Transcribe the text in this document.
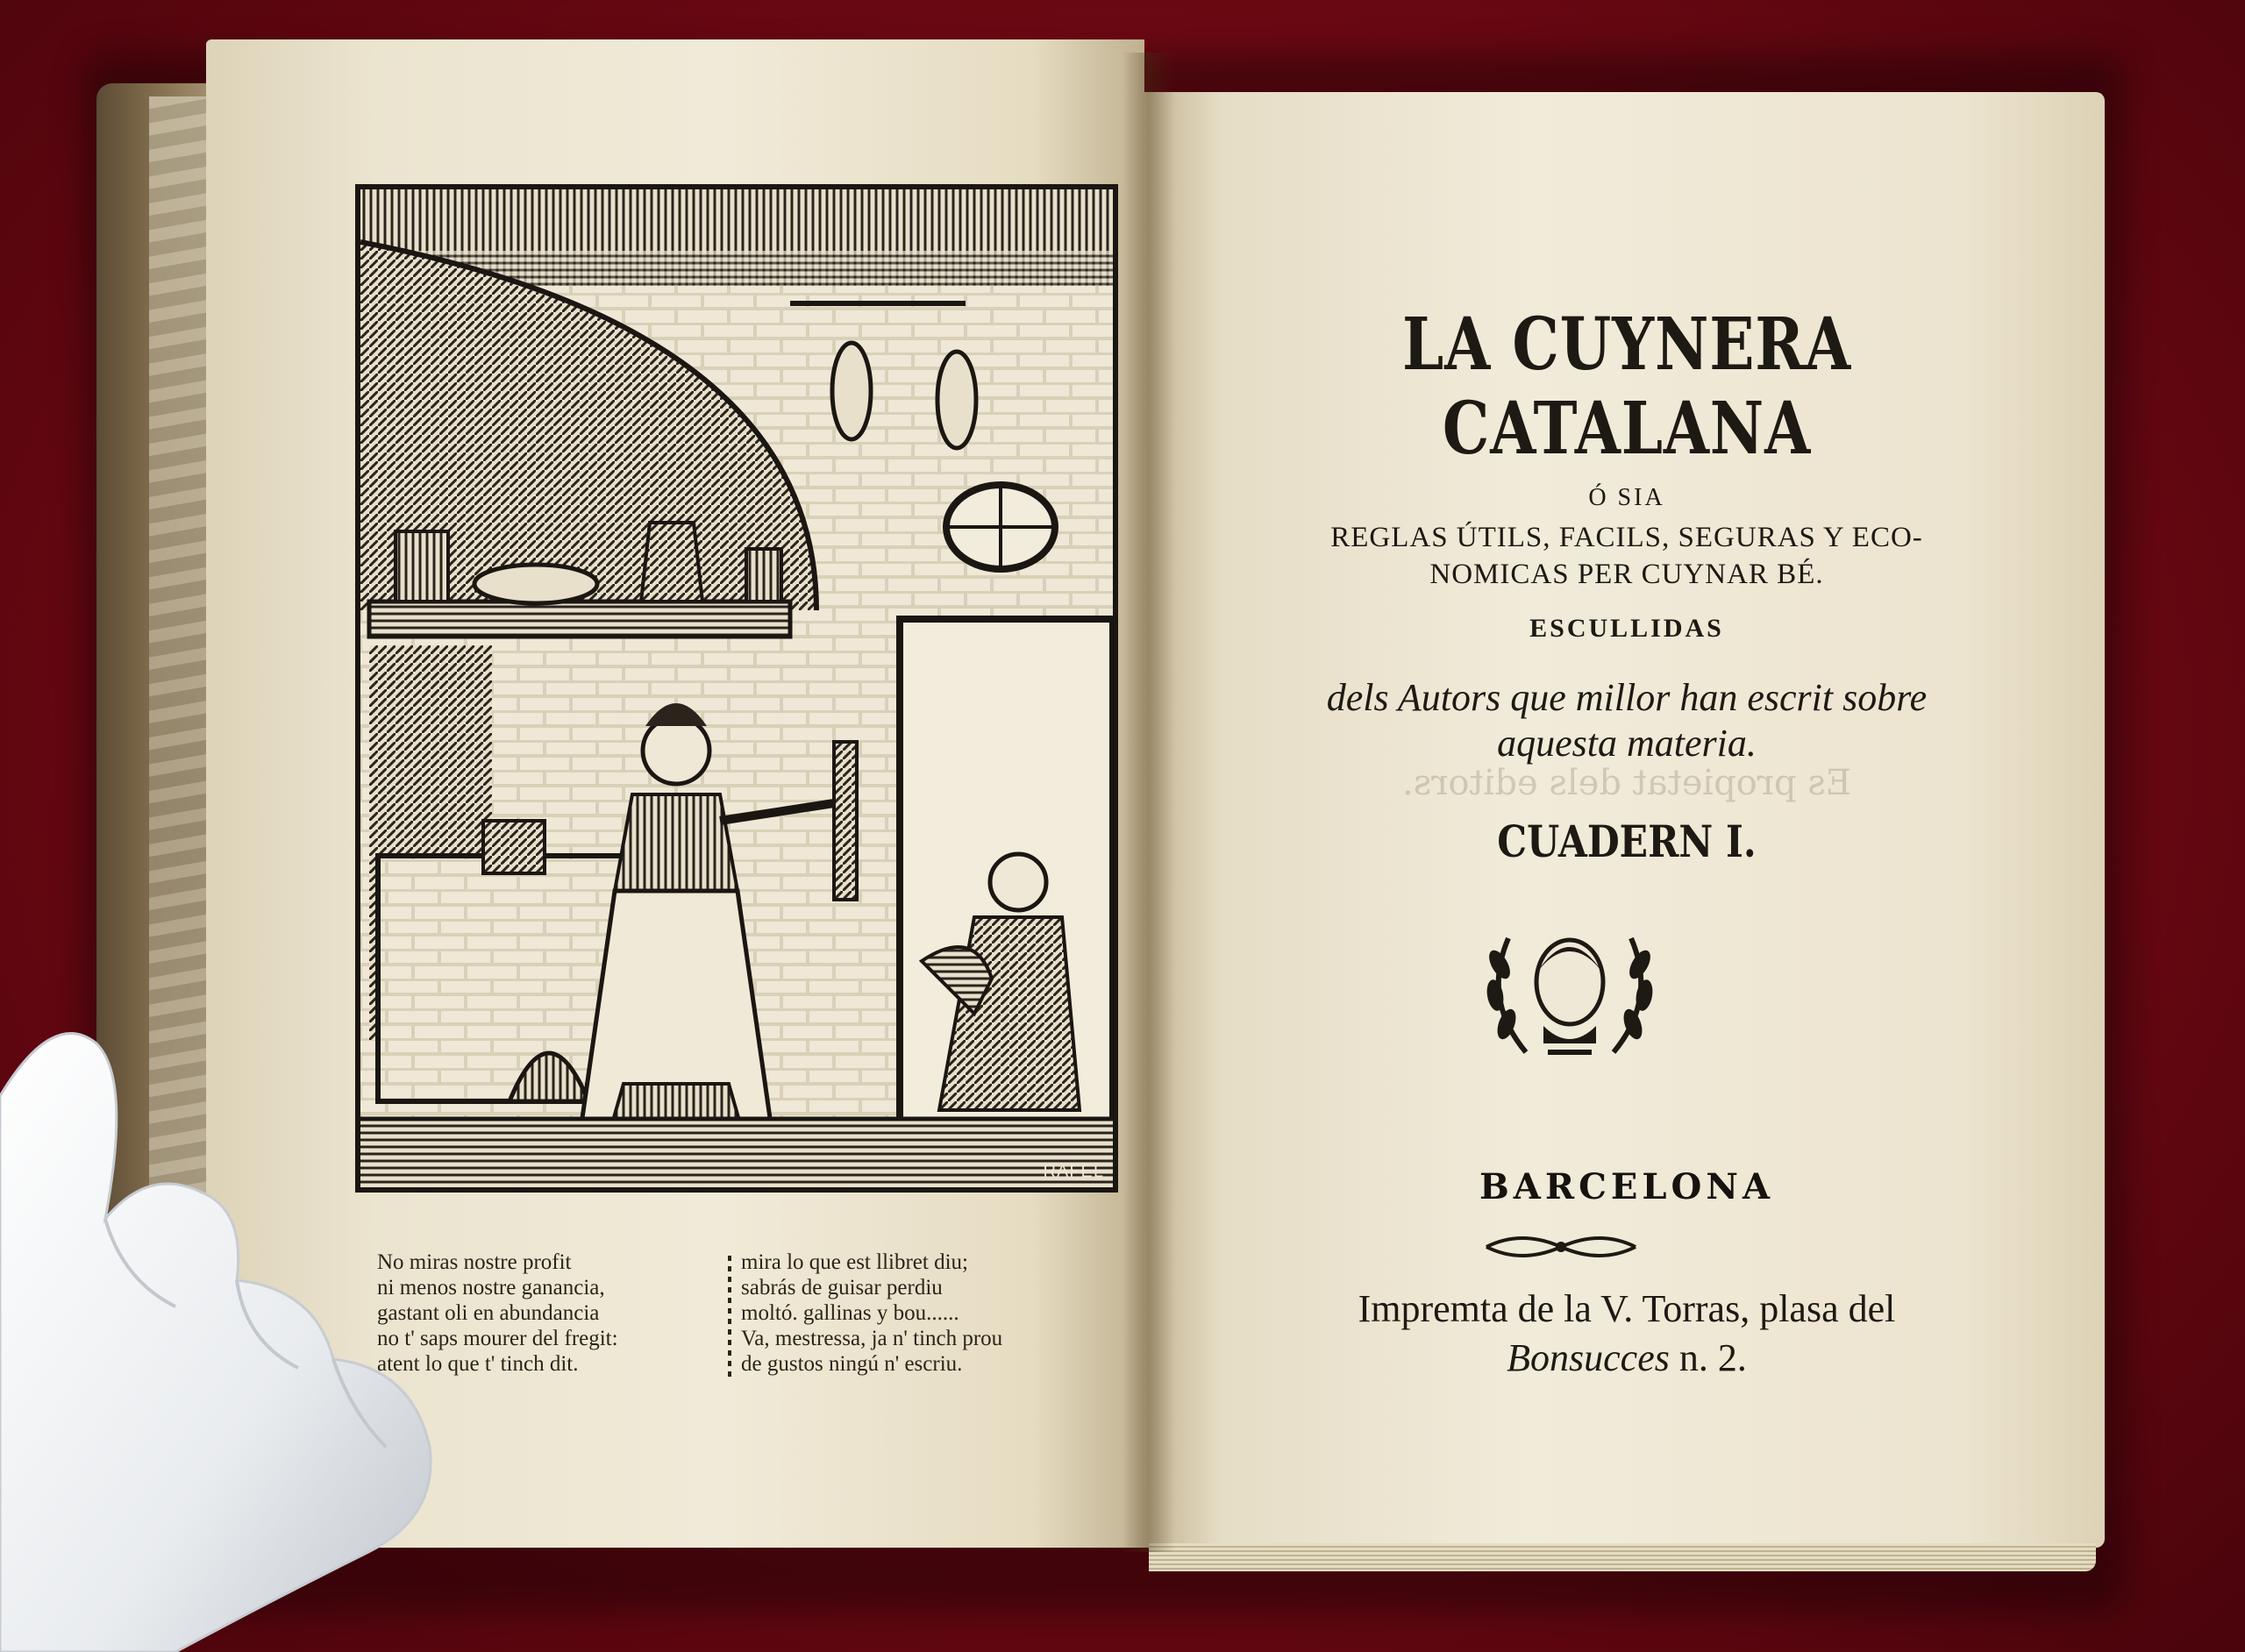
RAFEL

No miras nostre profit

ni menos nostre ganancia,

gastant oli en abundancia

no t' saps mourer del fregit:

atent lo que t' tinch dit.

mira lo que est llibret diu;

sabrás de guisar perdiu

moltó. gallinas y bou......

Va, mestressa, ja n' tinch prou

de gustos ningú n' escriu.

LA CUYNERA CATALANA
Ó SIA
REGLAS ÚTILS, FACILS, SEGURAS Y ECO-
NOMICAS PER CUYNAR BÉ.
ESCULLIDAS
dels Autors que millor han escrit sobre
aquesta materia.
Es propietat dels editors.
CUADERN I.
BARCELONA
Impremta de la V. Torras, plasa del
Bonsucces n. 2.
